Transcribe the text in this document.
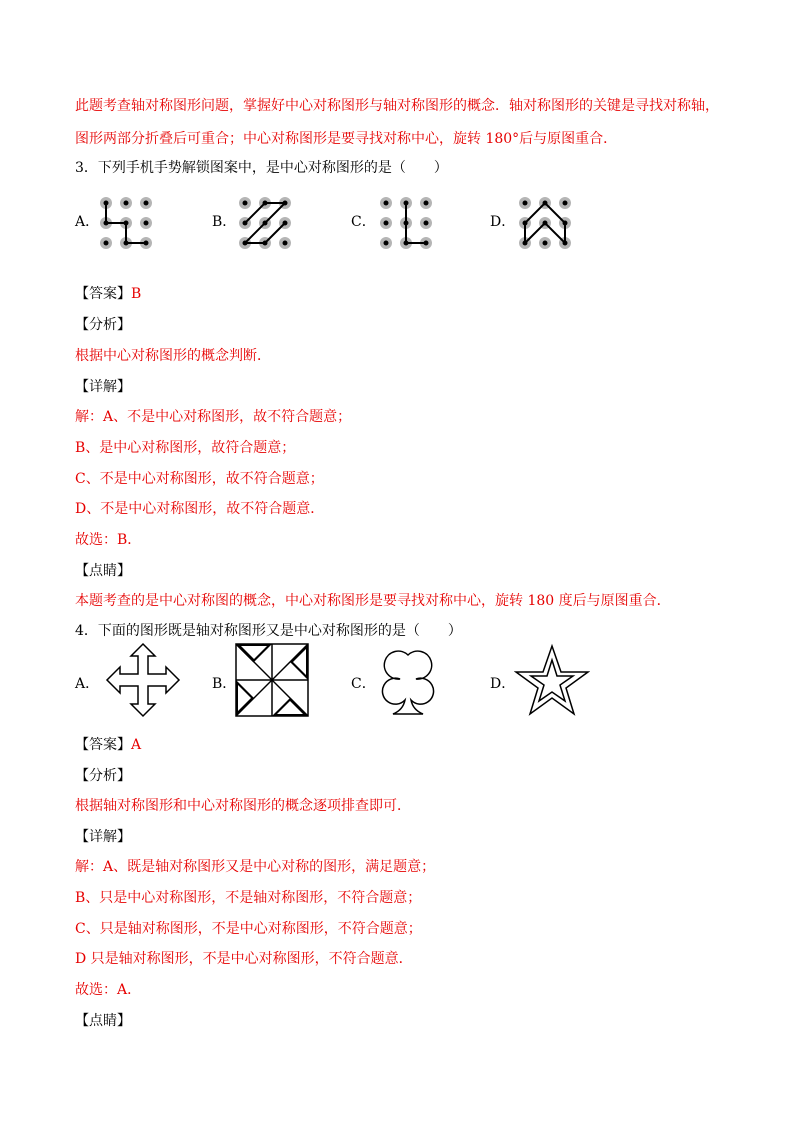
此题考查轴对称图形问题，掌握好中心对称图形与轴对称图形的概念．轴对称图形的关键是寻找对称轴，
图形两部分折叠后可重合；中心对称图形是要寻找对称中心，旋转 180°后与原图重合．
3．下列手机手势解锁图案中，是中心对称图形的是（　　）
A．	B．	C．	D．
【答案】B
【分析】
根据中心对称图形的概念判断．
【详解】
解：A、不是中心对称图形，故不符合题意；
B、是中心对称图形，故符合题意；
C、不是中心对称图形，故不符合题意；
D、不是中心对称图形，故不符合题意．
故选：B．
【点睛】
本题考查的是中心对称图的概念，中心对称图形是要寻找对称中心，旋转 180 度后与原图重合．
4．下面的图形既是轴对称图形又是中心对称图形的是（　　）
A．	B．	C．	D．
【答案】A
【分析】
根据轴对称图形和中心对称图形的概念逐项排查即可．
【详解】
解：A、既是轴对称图形又是中心对称的图形，满足题意；
B、只是中心对称图形，不是轴对称图形，不符合题意；
C、只是轴对称图形，不是中心对称图形，不符合题意；
D 只是轴对称图形，不是中心对称图形，不符合题意．
故选：A．
【点睛】
